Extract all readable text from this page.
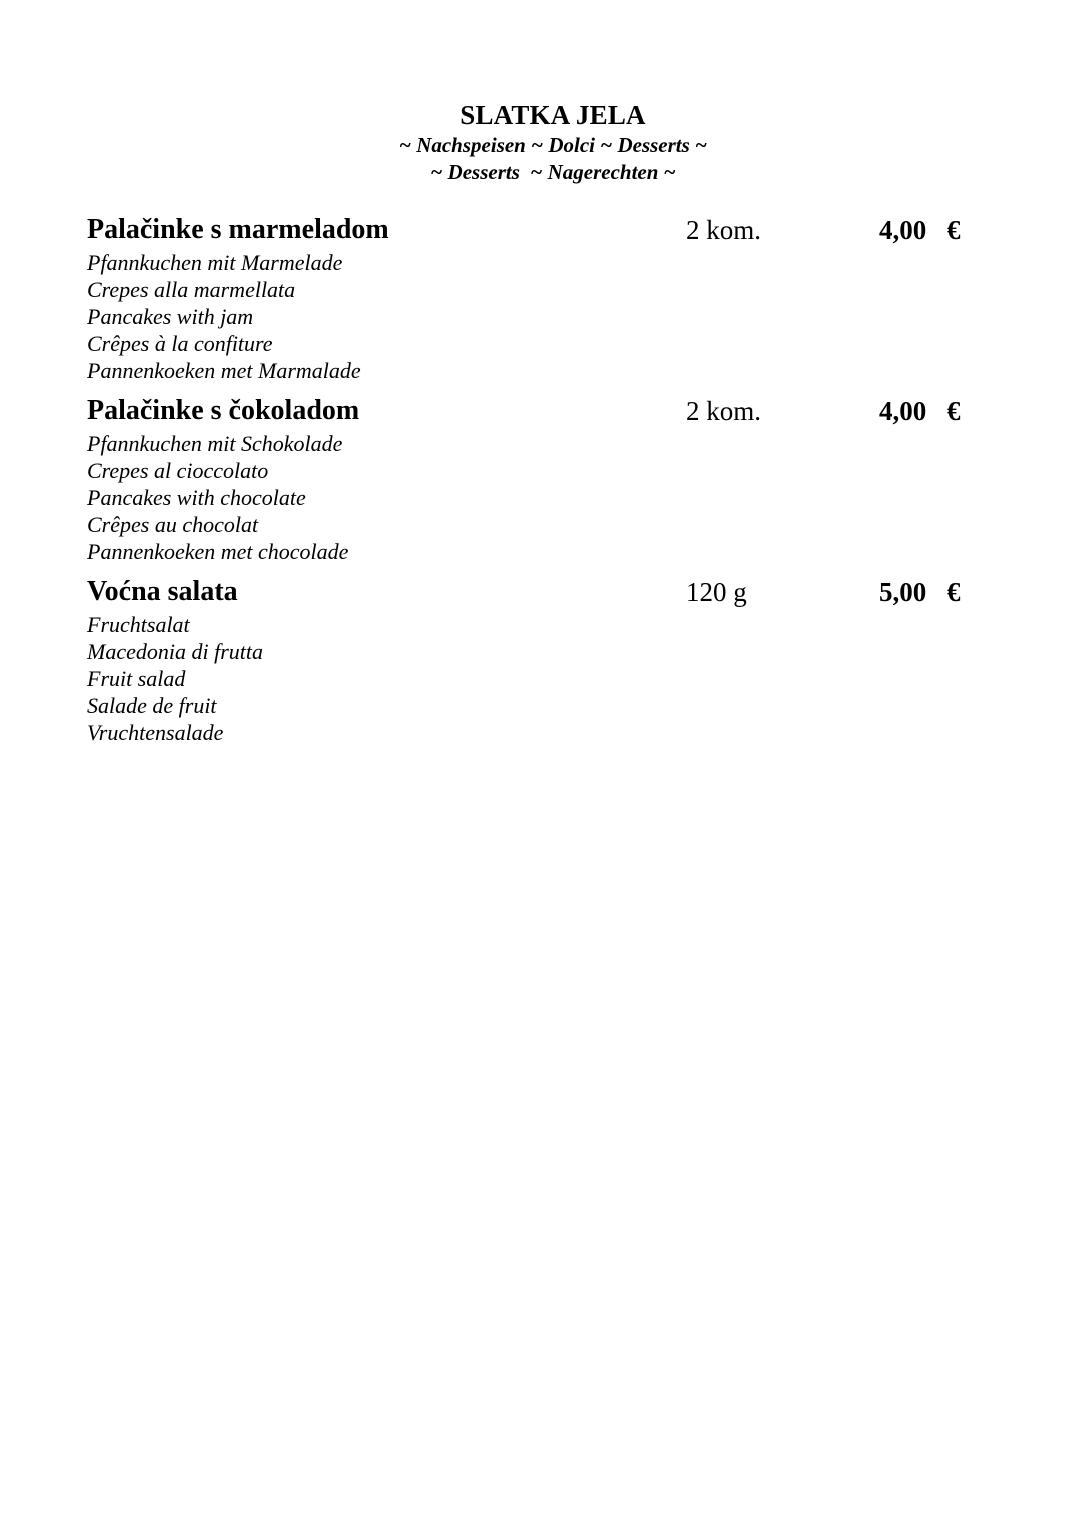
SLATKA JELA
~ Nachspeisen ~ Dolci ~ Desserts ~
~ Desserts  ~ Nagerechten ~
Palačinke s marmeladom	2 kom.	4,00 €
Pfannkuchen mit Marmelade
Crepes alla marmellata
Pancakes with jam
Crêpes à la confiture
Pannenkoeken met Marmalade
Palačinke s čokoladom	2 kom.	4,00 €
Pfannkuchen mit Schokolade
Crepes al cioccolato
Pancakes with chocolate
Crêpes au chocolat
Pannenkoeken met chocolade
Voćna salata	120 g	5,00 €
Fruchtsalat
Macedonia di frutta
Fruit salad
Salade de fruit
Vruchtensalade
